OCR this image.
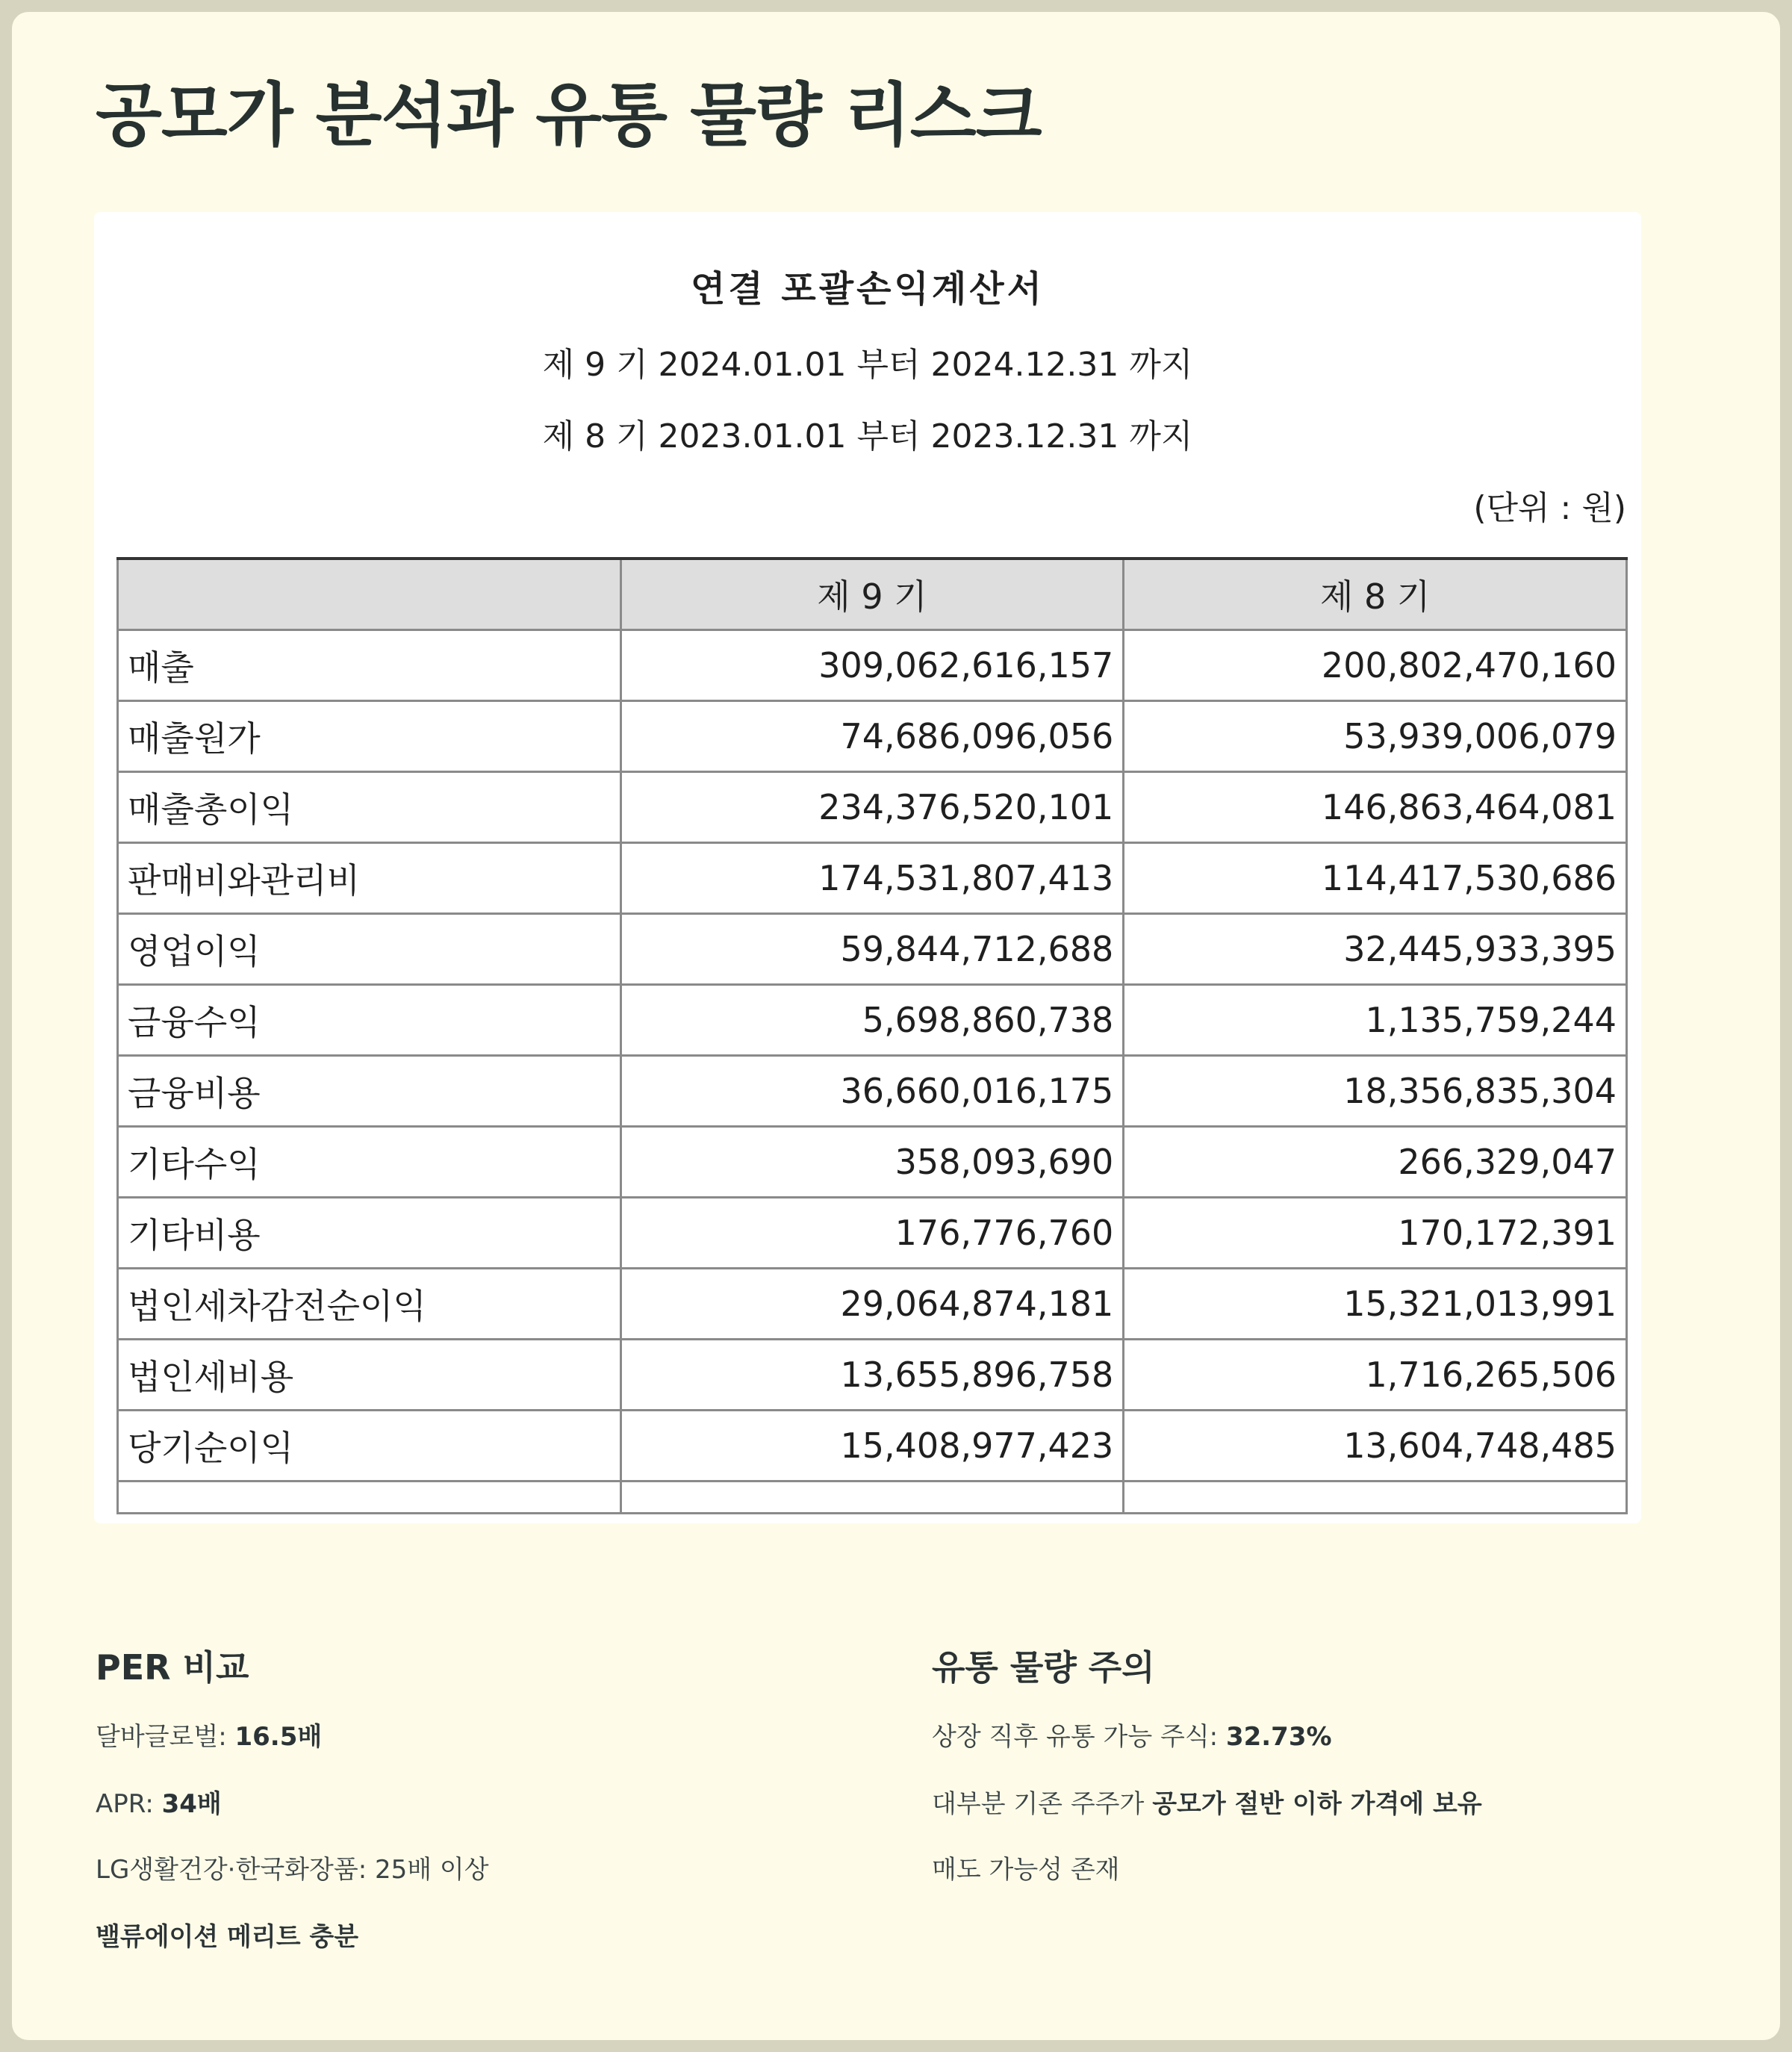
공모가 분석과 유통 물량 리스크
연결 포괄손익계산서
제 9 기 2024.01.01 부터 2024.12.31 까지
제 8 기 2023.01.01 부터 2023.12.31 까지
(단위 : 원)
	제 9 기	제 8 기
매출	309,062,616,157	200,802,470,160
매출원가	74,686,096,056	53,939,006,079
매출총이익	234,376,520,101	146,863,464,081
판매비와관리비	174,531,807,413	114,417,530,686
영업이익	59,844,712,688	32,445,933,395
금융수익	5,698,860,738	1,135,759,244
금융비용	36,660,016,175	18,356,835,304
기타수익	358,093,690	266,329,047
기타비용	176,776,760	170,172,391
법인세차감전순이익	29,064,874,181	15,321,013,991
법인세비용	13,655,896,758	1,716,265,506
당기순이익	15,408,977,423	13,604,748,485

PER 비교
달바글로벌: 16.5배
APR: 34배
LG생활건강·한국화장품: 25배 이상
밸류에이션 메리트 충분
유통 물량 주의
상장 직후 유통 가능 주식: 32.73%
대부분 기존 주주가 공모가 절반 이하 가격에 보유
매도 가능성 존재
